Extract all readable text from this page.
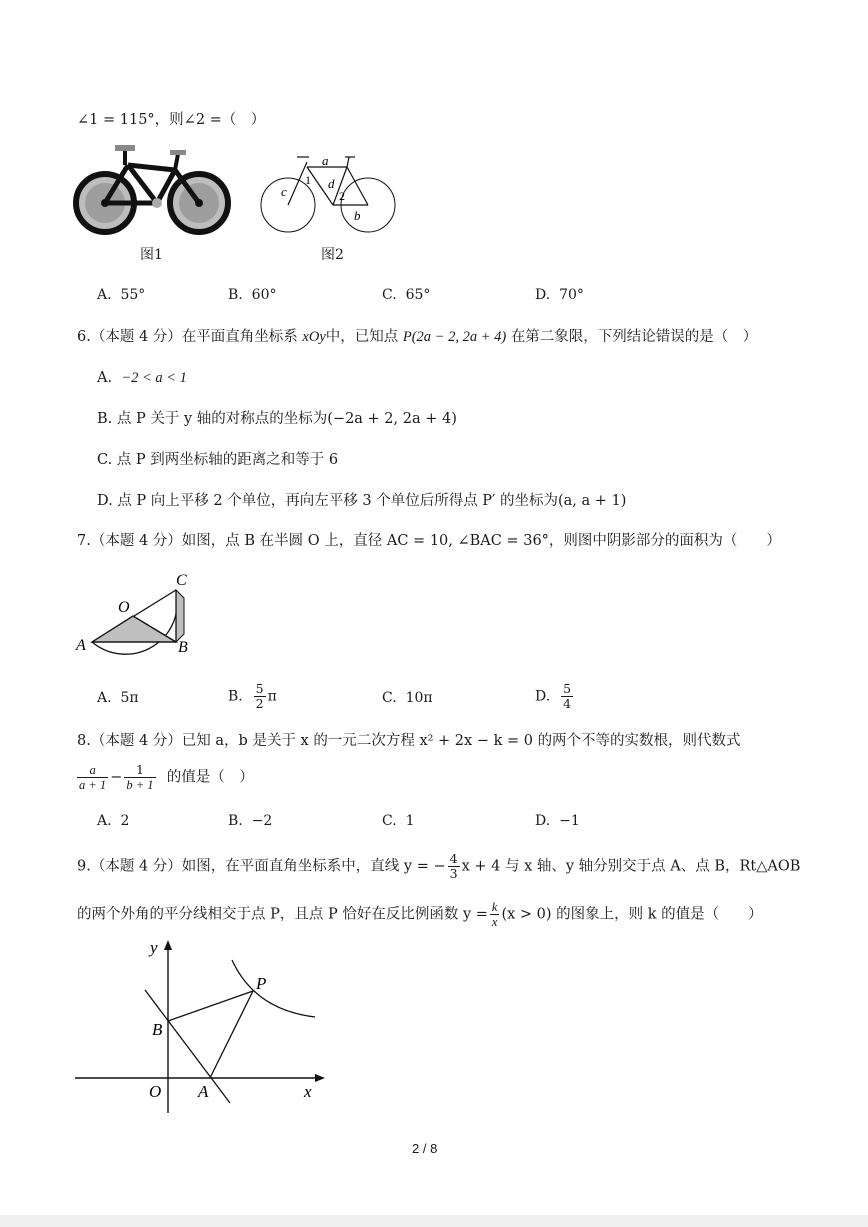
∠1 = 115°，则∠2 =（　）
图1
a
c
d
b
1
2
图2
A. 55°	B. 60°	C. 65°	D. 70°
6.（本题 4 分）在平面直角坐标系 xOy中，已知点 P(2a − 2, 2a + 4) 在第二象限，下列结论错误的是（　）
A. −2 < a < 1
B. 点 P 关于 y 轴的对称点的坐标为(−2a + 2, 2a + 4)
C. 点 P 到两坐标轴的距离之和等于 6
D. 点 P 向上平移 2 个单位，再向左平移 3 个单位后所得点 P′ 的坐标为(a, a + 1)
7.（本题 4 分）如图，点 B 在半圆 O 上，直径 AC = 10, ∠BAC = 36°，则图中阴影部分的面积为（　　）
A	B
C
O
A. 5π	B. $\frac{5}{2}$ π	C. 10π	D. $\frac{5}{4}$
8.（本题 4 分）已知 a，b 是关于 x 的一元二次方程 x² + 2x − k = 0 的两个不等的实数根，则代数式
$\frac{a}{a + 1} - \frac{1}{b + 1}$ 的值是（　）
A. 2	B. −2	C. 1	D. −1
9.（本题 4 分）如图，在平面直角坐标系中，直线 y = − $\frac{4}{3}$ x + 4 与 x 轴、y 轴分别交于点 A、点 B，Rt△AOB
的两个外角的平分线相交于点 P，且点 P 恰好在反比例函数 $y = \frac{k}{x} (x > 0)$ 的图象上，则 k 的值是（　　）
y
x
P
B
O A
2 / 8
